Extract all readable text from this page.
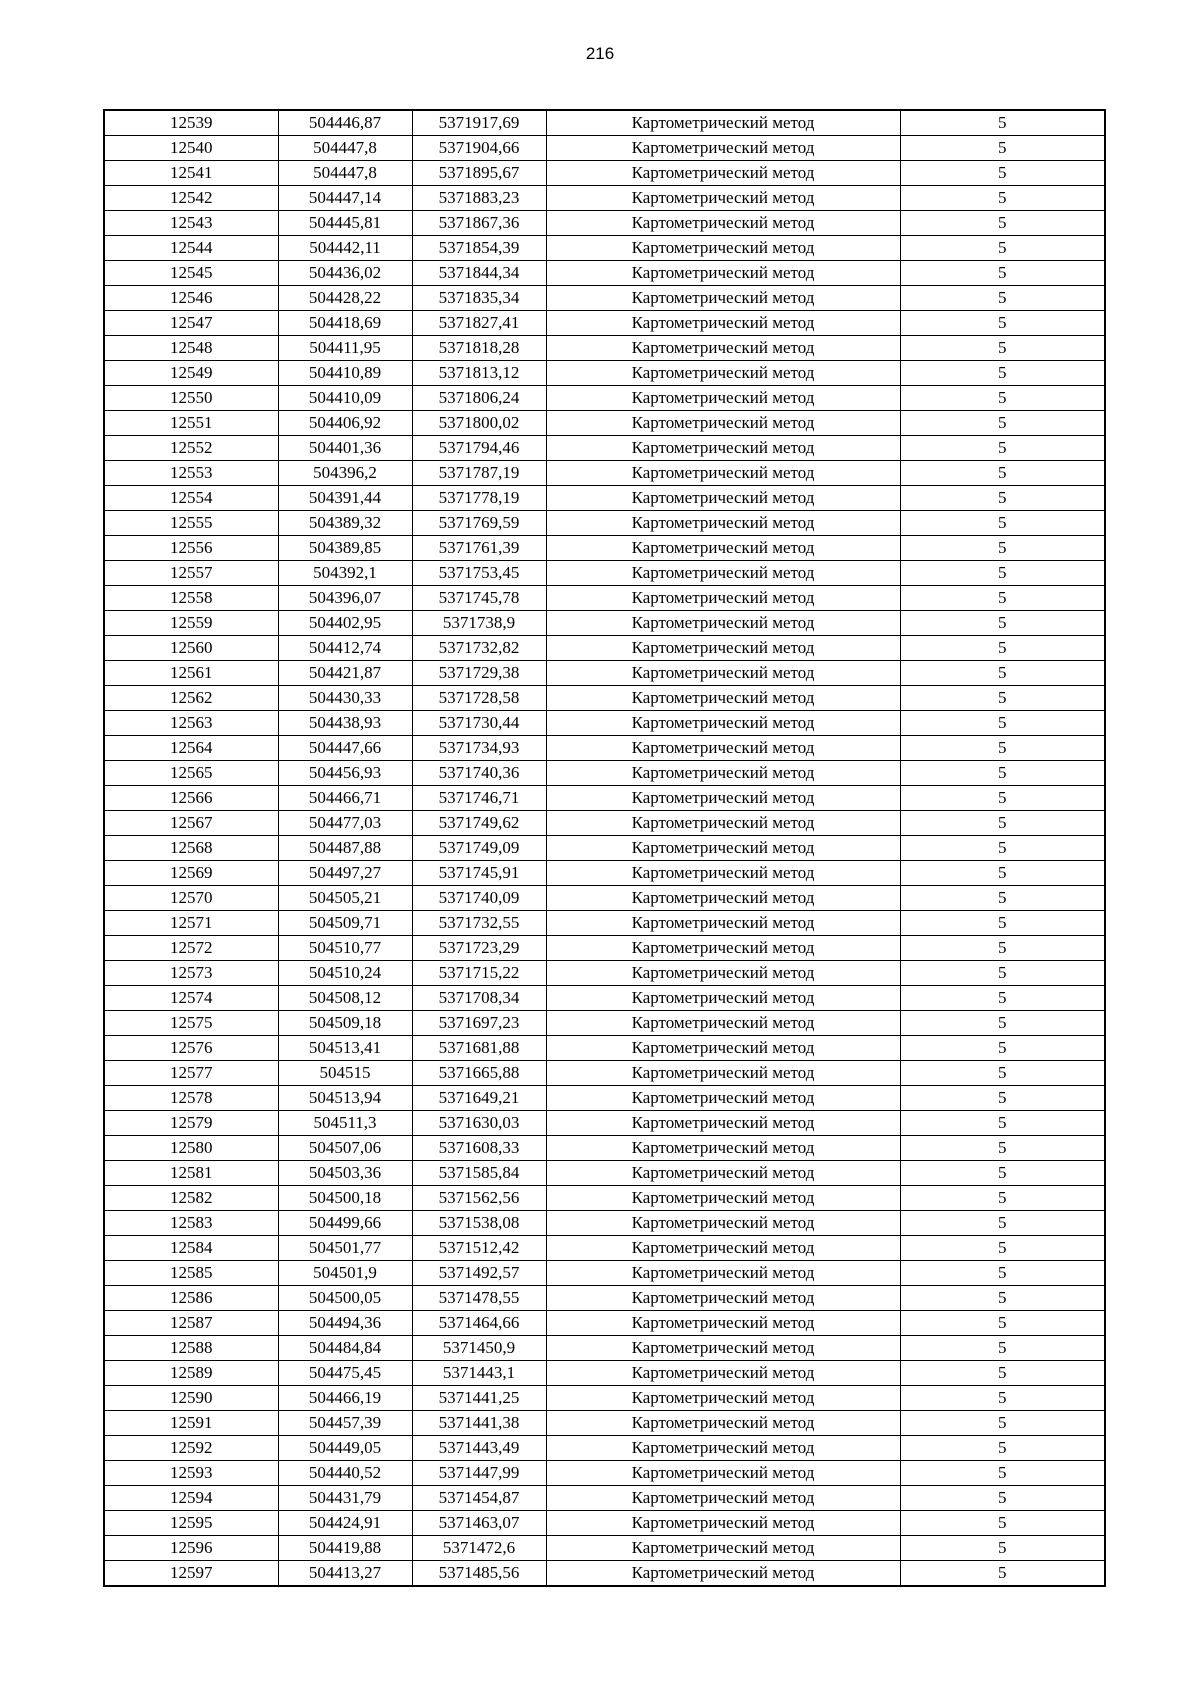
216
12539	504446,87	5371917,69	Картометрический метод	5
12540	504447,8	5371904,66	Картометрический метод	5
12541	504447,8	5371895,67	Картометрический метод	5
12542	504447,14	5371883,23	Картометрический метод	5
12543	504445,81	5371867,36	Картометрический метод	5
12544	504442,11	5371854,39	Картометрический метод	5
12545	504436,02	5371844,34	Картометрический метод	5
12546	504428,22	5371835,34	Картометрический метод	5
12547	504418,69	5371827,41	Картометрический метод	5
12548	504411,95	5371818,28	Картометрический метод	5
12549	504410,89	5371813,12	Картометрический метод	5
12550	504410,09	5371806,24	Картометрический метод	5
12551	504406,92	5371800,02	Картометрический метод	5
12552	504401,36	5371794,46	Картометрический метод	5
12553	504396,2	5371787,19	Картометрический метод	5
12554	504391,44	5371778,19	Картометрический метод	5
12555	504389,32	5371769,59	Картометрический метод	5
12556	504389,85	5371761,39	Картометрический метод	5
12557	504392,1	5371753,45	Картометрический метод	5
12558	504396,07	5371745,78	Картометрический метод	5
12559	504402,95	5371738,9	Картометрический метод	5
12560	504412,74	5371732,82	Картометрический метод	5
12561	504421,87	5371729,38	Картометрический метод	5
12562	504430,33	5371728,58	Картометрический метод	5
12563	504438,93	5371730,44	Картометрический метод	5
12564	504447,66	5371734,93	Картометрический метод	5
12565	504456,93	5371740,36	Картометрический метод	5
12566	504466,71	5371746,71	Картометрический метод	5
12567	504477,03	5371749,62	Картометрический метод	5
12568	504487,88	5371749,09	Картометрический метод	5
12569	504497,27	5371745,91	Картометрический метод	5
12570	504505,21	5371740,09	Картометрический метод	5
12571	504509,71	5371732,55	Картометрический метод	5
12572	504510,77	5371723,29	Картометрический метод	5
12573	504510,24	5371715,22	Картометрический метод	5
12574	504508,12	5371708,34	Картометрический метод	5
12575	504509,18	5371697,23	Картометрический метод	5
12576	504513,41	5371681,88	Картометрический метод	5
12577	504515	5371665,88	Картометрический метод	5
12578	504513,94	5371649,21	Картометрический метод	5
12579	504511,3	5371630,03	Картометрический метод	5
12580	504507,06	5371608,33	Картометрический метод	5
12581	504503,36	5371585,84	Картометрический метод	5
12582	504500,18	5371562,56	Картометрический метод	5
12583	504499,66	5371538,08	Картометрический метод	5
12584	504501,77	5371512,42	Картометрический метод	5
12585	504501,9	5371492,57	Картометрический метод	5
12586	504500,05	5371478,55	Картометрический метод	5
12587	504494,36	5371464,66	Картометрический метод	5
12588	504484,84	5371450,9	Картометрический метод	5
12589	504475,45	5371443,1	Картометрический метод	5
12590	504466,19	5371441,25	Картометрический метод	5
12591	504457,39	5371441,38	Картометрический метод	5
12592	504449,05	5371443,49	Картометрический метод	5
12593	504440,52	5371447,99	Картометрический метод	5
12594	504431,79	5371454,87	Картометрический метод	5
12595	504424,91	5371463,07	Картометрический метод	5
12596	504419,88	5371472,6	Картометрический метод	5
12597	504413,27	5371485,56	Картометрический метод	5
